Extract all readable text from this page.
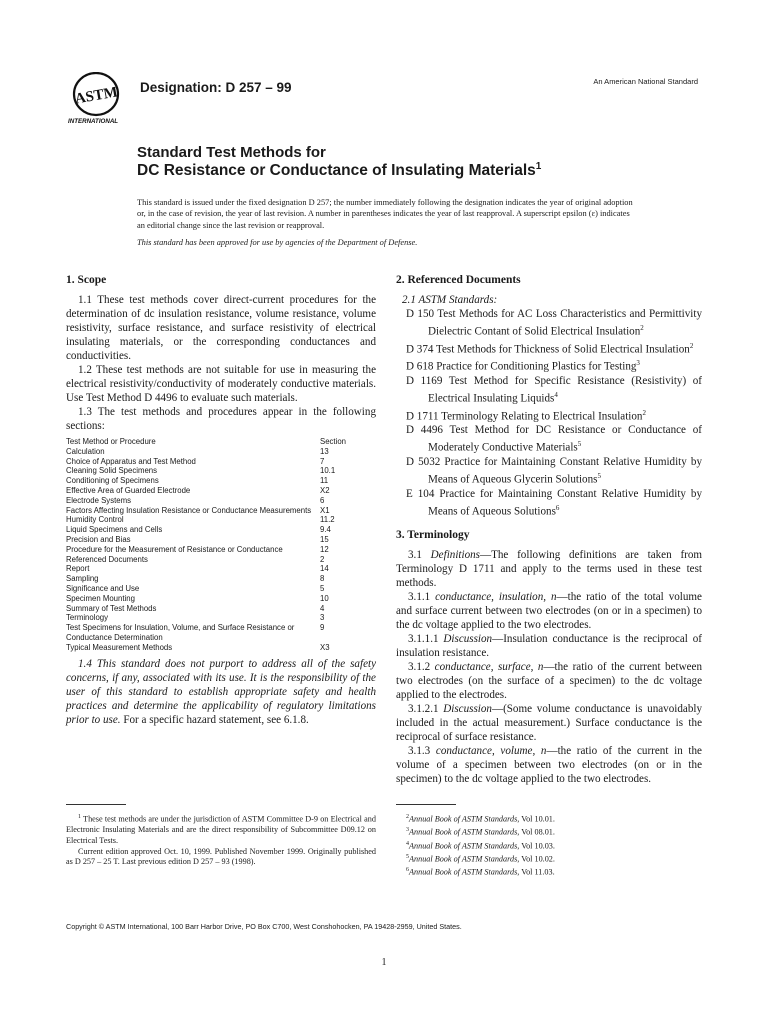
ASTM
INTERNATIONAL
Designation: D 257 – 99	An American National Standard
Standard Test Methods for
DC Resistance or Conductance of Insulating Materials$^1$
This standard is issued under the fixed designation D 257; the number immediately following the designation indicates the year of original adoption or, in the case of revision, the year of last revision. A number in parentheses indicates the year of last reapproval. A superscript epsilon (ε) indicates an editorial change since the last revision or reapproval.
This standard has been approved for use by agencies of the Department of Defense.
1. Scope

1.1 These test methods cover direct-current procedures for the determination of dc insulation resistance, volume resistance, volume resistivity, surface resistance, and surface resistivity of electrical insulating materials, or the corresponding conductances and conductivities.

1.2 These test methods are not suitable for use in measuring the electrical resistivity/conductivity of moderately conductive materials. Use Test Method D 4496 to evaluate such materials.

1.3 The test methods and procedures appear in the following sections:

Test Method or Procedure	Section
Calculation	13
Choice of Apparatus and Test Method	7
Cleaning Solid Specimens	10.1
Conditioning of Specimens	11
Effective Area of Guarded Electrode	X2
Electrode Systems	6
Factors Affecting Insulation Resistance or Conductance Measurements	X1
Humidity Control	11.2
Liquid Specimens and Cells	9.4
Precision and Bias	15
Procedure for the Measurement of Resistance or Conductance	12
Referenced Documents	2
Report	14
Sampling	8
Significance and Use	5
Specimen Mounting	10
Summary of Test Methods	4
Terminology	3
Test Specimens for Insulation, Volume, and Surface Resistance or Conductance Determination	9
Typical Measurement Methods	X3

1.4 This standard does not purport to address all of the safety concerns, if any, associated with its use. It is the responsibility of the user of this standard to establish appropriate safety and health practices and determine the applicability of regulatory limitations prior to use. For a specific hazard statement, see 6.1.8.

2. Referenced Documents
2.1 ASTM Standards:
D 150 Test Methods for AC Loss Characteristics and Permittivity Dielectric Contant of Solid Electrical Insulation$^2$
D 374 Test Methods for Thickness of Solid Electrical Insulation$^2$
D 618 Practice for Conditioning Plastics for Testing$^3$
D 1169 Test Method for Specific Resistance (Resistivity) of Electrical Insulating Liquids$^4$
D 1711 Terminology Relating to Electrical Insulation$^2$
D 4496 Test Method for DC Resistance or Conductance of Moderately Conductive Materials$^5$
D 5032 Practice for Maintaining Constant Relative Humidity by Means of Aqueous Glycerin Solutions$^5$
E 104 Practice for Maintaining Constant Relative Humidity by Means of Aqueous Solutions$^6$
3. Terminology

3.1 Definitions—The following definitions are taken from Terminology D 1711 and apply to the terms used in these test methods.

3.1.1 conductance, insulation, n—the ratio of the total volume and surface current between two electrodes (on or in a specimen) to the dc voltage applied to the two electrodes.

3.1.1.1 Discussion—Insulation conductance is the reciprocal of insulation resistance.

3.1.2 conductance, surface, n—the ratio of the current between two electrodes (on the surface of a specimen) to the dc voltage applied to the electrodes.

3.1.2.1 Discussion—(Some volume conductance is unavoidably included in the actual measurement.) Surface conductance is the reciprocal of surface resistance.

3.1.3 conductance, volume, n—the ratio of the current in the volume of a specimen between two electrodes (on or in the specimen) to the dc voltage applied to the two electrodes.

$^1$ These test methods are under the jurisdiction of ASTM Committee D-9 on Electrical and Electronic Insulating Materials and are the direct responsibility of Subcommittee D09.12 on Electrical Tests.

Current edition approved Oct. 10, 1999. Published November 1999. Originally published as D 257 – 25 T. Last previous edition D 257 – 93 (1998).

$^2$Annual Book of ASTM Standards, Vol 10.01.

$^3$Annual Book of ASTM Standards, Vol 08.01.

$^4$Annual Book of ASTM Standards, Vol 10.03.

$^5$Annual Book of ASTM Standards, Vol 10.02.

$^6$Annual Book of ASTM Standards, Vol 11.03.

Copyright © ASTM International, 100 Barr Harbor Drive, PO Box C700, West Conshohocken, PA 19428-2959, United States.
1
